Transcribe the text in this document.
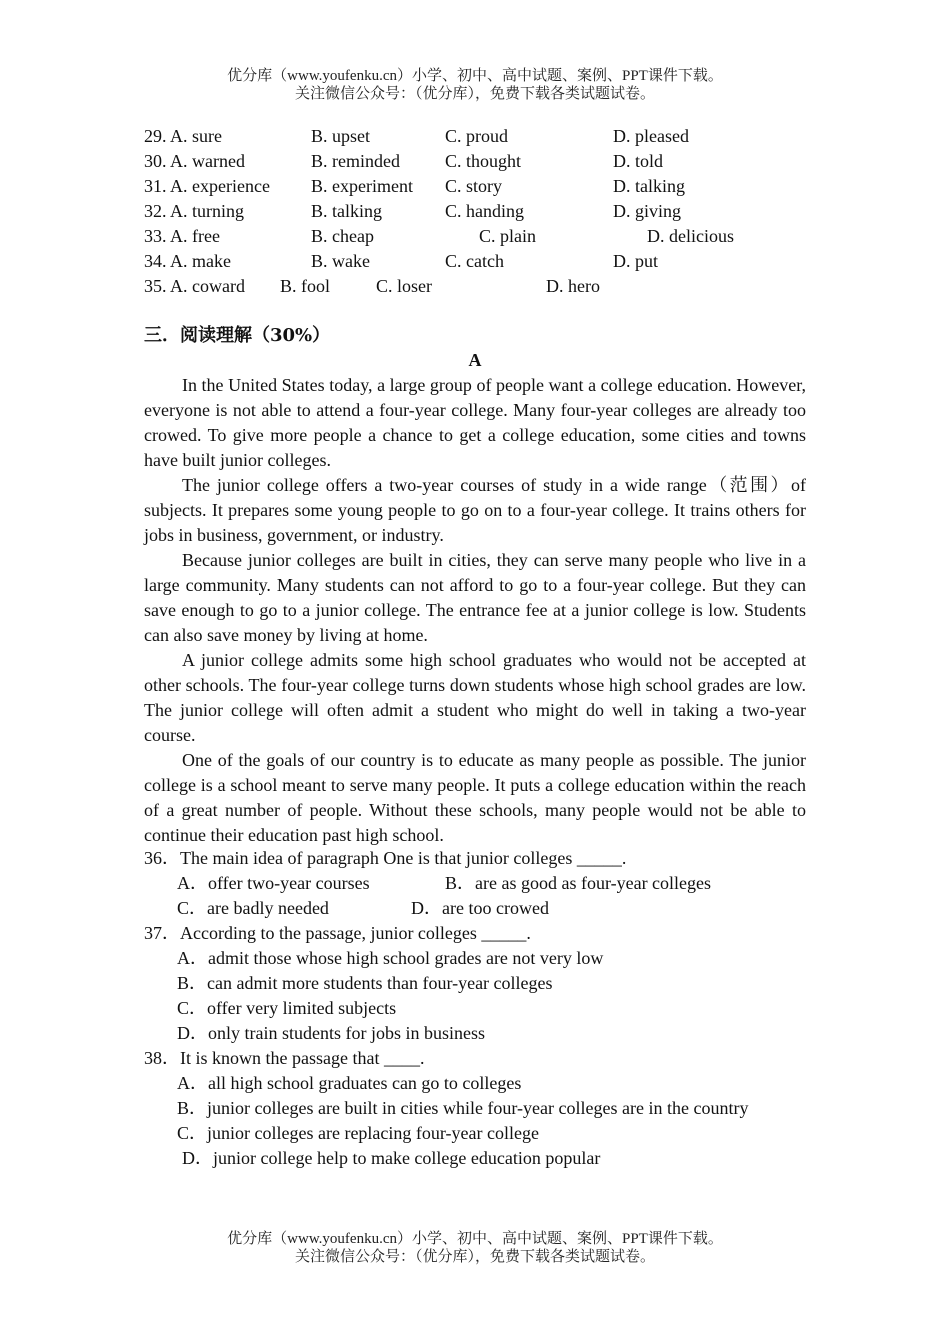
优分库（www.youfenku.cn）小学、初中、高中试题、案例、PPT课件下载。
关注微信公众号：（优分库），免费下载各类试题试卷。
29. A. sure	B. upset	C. proud	D. pleased
30. A. warned	B. reminded	C. thought	D. told
31. A. experience B. experiment C. story	D. talking
32. A. turning	B. talking	C. handing	D. giving
33. A. free	B. cheap	C. plain	D. delicious
34. A. make	B. wake	C. catch	D. put
35. A. coward B. fool	C. loser	D. hero
三．阅读理解（30%）
A

In the United States today, a large group of people want a college education. However, everyone is not able to attend a four-year college. Many four-year colleges are already too crowed. To give more people a chance to get a college education, some cities and towns have built junior colleges.

The junior college offers a two-year courses of study in a wide range（范围）of subjects. It prepares some young people to go on to a four-year college. It trains others for jobs in business, government, or industry.

Because junior colleges are built in cities, they can serve many people who live in a large community. Many students can not afford to go to a four-year college. But they can save enough to go to a junior college. The entrance fee at a junior college is low. Students can also save money by living at home.

A junior college admits some high school graduates who would not be accepted at other schools. The four-year college turns down students whose high school grades are low. The junior college will often admit a student who might do well in taking a two-year course.

One of the goals of our country is to educate as many people as possible. The junior college is a school meant to serve many people. It puts a college education within the reach of a great number of people. Without these schools, many people would not be able to continue their education past high school.

36．The main idea of paragraph One is that junior colleges _____.
A．offer two-year courses	B．are as good as four-year colleges
C．are badly needed	D．are too crowed
37．According to the passage, junior colleges _____.
A．admit those whose high school grades are not very low
B．can admit more students than four-year colleges
C．offer very limited subjects
D．only train students for jobs in business
38．It is known the passage that ____.
A．all high school graduates can go to colleges
B．junior colleges are built in cities while four-year colleges are in the country
C．junior colleges are replacing four-year college
D．junior college help to make college education popular
优分库（www.youfenku.cn）小学、初中、高中试题、案例、PPT课件下载。
关注微信公众号：（优分库），免费下载各类试题试卷。
